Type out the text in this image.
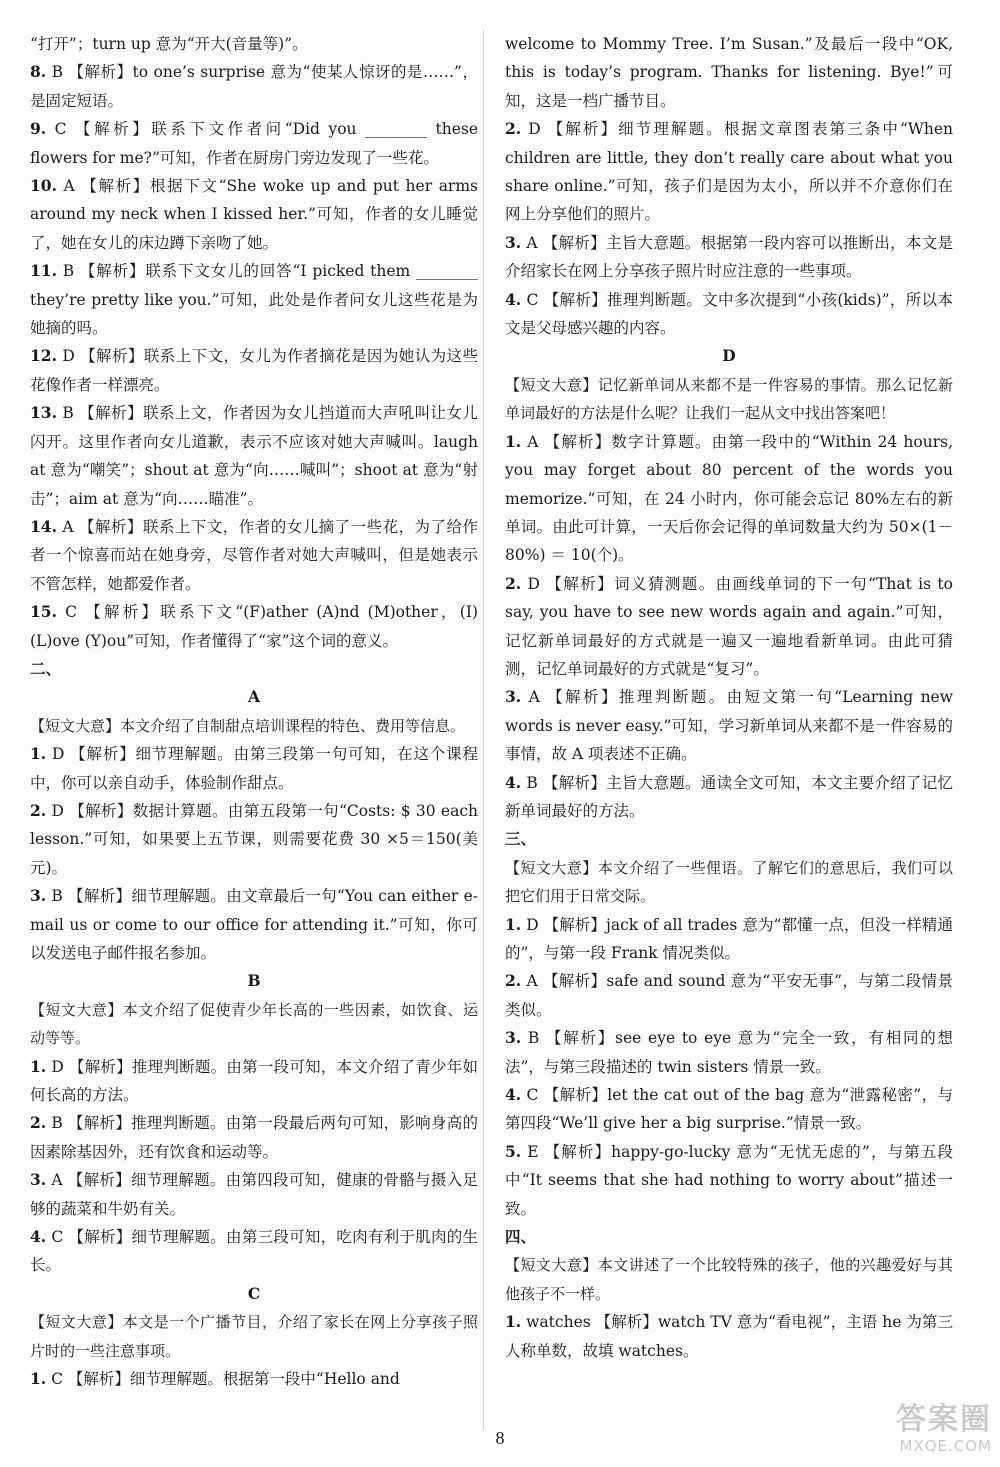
“打开”；turn up 意为“开大(音量等)”。

8. B 【解析】to one’s surprise 意为“使某人惊讶的是……”，是固定短语。

9. C 【解析】联系下文作者问“Did you ________ these flowers for me?”可知，作者在厨房门旁边发现了一些花。

10. A 【解析】根据下文“She woke up and put her arms around my neck when I kissed her.”可知，作者的女儿睡觉了，她在女儿的床边蹲下亲吻了她。

11. B 【解析】联系下文女儿的回答“I picked them ________ they’re pretty like you.”可知，此处是作者问女儿这些花是为她摘的吗。

12. D 【解析】联系上下文，女儿为作者摘花是因为她认为这些花像作者一样漂亮。

13. B 【解析】联系上文，作者因为女儿挡道而大声吼叫让女儿闪开。这里作者向女儿道歉，表示不应该对她大声喊叫。laugh at 意为“嘲笑”；shout at 意为“向……喊叫”；shoot at 意为“射击”；aim at 意为“向……瞄准”。

14. A 【解析】联系上下文，作者的女儿摘了一些花，为了给作者一个惊喜而站在她身旁，尽管作者对她大声喊叫，但是她表示不管怎样，她都爱作者。

15. C 【解析】联系下文“(F)ather (A)nd (M)other，(I) (L)ove (Y)ou”可知，作者懂得了“家”这个词的意义。

二、

A

【短文大意】本文介绍了自制甜点培训课程的特色、费用等信息。

1. D 【解析】细节理解题。由第三段第一句可知，在这个课程中，你可以亲自动手，体验制作甜点。

2. D 【解析】数据计算题。由第五段第一句“Costs: $ 30 each lesson.”可知，如果要上五节课，则需要花费 30 ×5＝150(美元)。

3. B 【解析】细节理解题。由文章最后一句“You can either e-mail us or come to our office for attending it.”可知，你可以发送电子邮件报名参加。

B

【短文大意】本文介绍了促使青少年长高的一些因素，如饮食、运动等等。

1. D 【解析】推理判断题。由第一段可知，本文介绍了青少年如何长高的方法。

2. B 【解析】推理判断题。由第一段最后两句可知，影响身高的因素除基因外，还有饮食和运动等。

3. A 【解析】细节理解题。由第四段可知，健康的骨骼与摄入足够的蔬菜和牛奶有关。

4. C 【解析】细节理解题。由第三段可知，吃肉有利于肌肉的生长。

C

【短文大意】本文是一个广播节目，介绍了家长在网上分享孩子照片时的一些注意事项。

1. C 【解析】细节理解题。根据第一段中“Hello and

welcome to Mommy Tree. I’m Susan.”及最后一段中“OK, this is today’s program. Thanks for listening. Bye!”可知，这是一档广播节目。

2. D 【解析】细节理解题。根据文章图表第三条中“When children are little, they don’t really care about what you share online.”可知，孩子们是因为太小，所以并不介意你们在网上分享他们的照片。

3. A 【解析】主旨大意题。根据第一段内容可以推断出，本文是介绍家长在网上分享孩子照片时应注意的一些事项。

4. C 【解析】推理判断题。文中多次提到“小孩(kids)”，所以本文是父母感兴趣的内容。

D

【短文大意】记忆新单词从来都不是一件容易的事情。那么记忆新单词最好的方法是什么呢？让我们一起从文中找出答案吧！

1. A 【解析】数字计算题。由第一段中的“Within 24 hours, you may forget about 80 percent of the words you memorize.”可知，在 24 小时内，你可能会忘记 80%左右的新单词。由此可计算，一天后你会记得的单词数量大约为 50×(1－80%) ＝ 10(个)。

2. D 【解析】词义猜测题。由画线单词的下一句“That is to say, you have to see new words again and again.”可知，记忆新单词最好的方式就是一遍又一遍地看新单词。由此可猜测，记忆单词最好的方式就是“复习”。

3. A 【解析】推理判断题。由短文第一句“Learning new words is never easy.”可知，学习新单词从来都不是一件容易的事情，故 A 项表述不正确。

4. B 【解析】主旨大意题。通读全文可知，本文主要介绍了记忆新单词最好的方法。

三、

【短文大意】本文介绍了一些俚语。了解它们的意思后，我们可以把它们用于日常交际。

1. D 【解析】jack of all trades 意为“都懂一点，但没一样精通的”，与第一段 Frank 情况类似。

2. A 【解析】safe and sound 意为“平安无事”，与第二段情景类似。

3. B 【解析】see eye to eye 意为“完全一致，有相同的想法”，与第三段描述的 twin sisters 情景一致。

4. C 【解析】let the cat out of the bag 意为“泄露秘密”，与第四段“We’ll give her a big surprise.”情景一致。

5. E 【解析】happy-go-lucky 意为“无忧无虑的”，与第五段中“It seems that she had nothing to worry about”描述一致。

四、

【短文大意】本文讲述了一个比较特殊的孩子，他的兴趣爱好与其他孩子不一样。

1. watches 【解析】watch TV 意为“看电视”，主语 he 为第三人称单数，故填 watches。

8
答案圈
MXQE.COM
